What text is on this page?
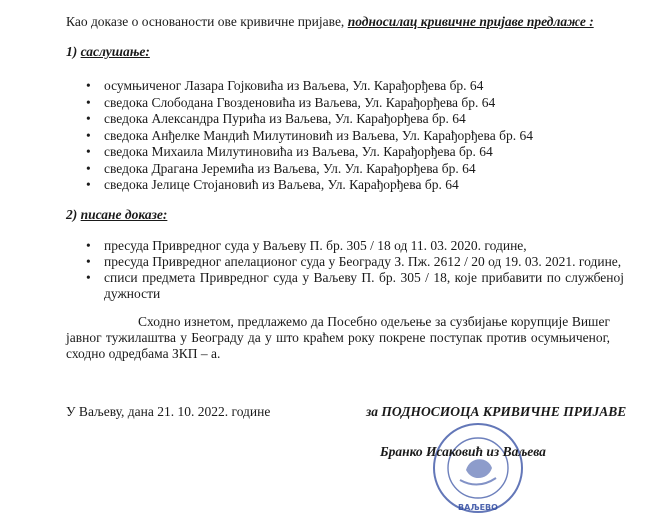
Као доказе о основаности ове кривичне пријаве, подносилац кривичне пријаве предлаже :
1) саслушање:
• осумњиченог Лазара Гојковића из Ваљева, Ул. Карађорђева бр. 64
• сведока Слободана Гвозденовића из Ваљева, Ул. Карађорђева бр. 64
• сведока Александра Пурића из Ваљева, Ул. Карађорђева бр. 64
• сведока Анђелке Мандић Милутиновић из Ваљева, Ул. Карађорђева бр. 64
• сведока Михаила Милутиновића из Ваљева, Ул. Карађорђева бр. 64
• сведока Драгана Јеремића из Ваљева, Ул. Ул. Карађорђева бр. 64
• сведока Јелице Стојановић из Ваљева, Ул. Карађорђева бр. 64
2) писане доказе:
• пресуда Привредног суда у Ваљеву П. бр. 305 / 18 од 11. 03. 2020. године,
• пресуда Привредног апелационог суда у Београду З. Пж. 2612 / 20 од 19. 03. 2021. године,
• списи предмета Привредног суда у Ваљеву П. бр. 305 / 18, које прибавити по службеној дужности

Сходно изнетом, предлажемо да Посебно одељење за сузбијање корупције Вишег јавног тужилаштва у Београду да у што краћем року покрене поступак против осумњиченог, сходно одредбама ЗКП – а.

У Ваљеву, дана 21. 10. 2022. године	за ПОДНОСИОЦА КРИВИЧНЕ ПРИЈАВЕ
ВАЉЕВО
Бранко Исаковић из Ваљева
